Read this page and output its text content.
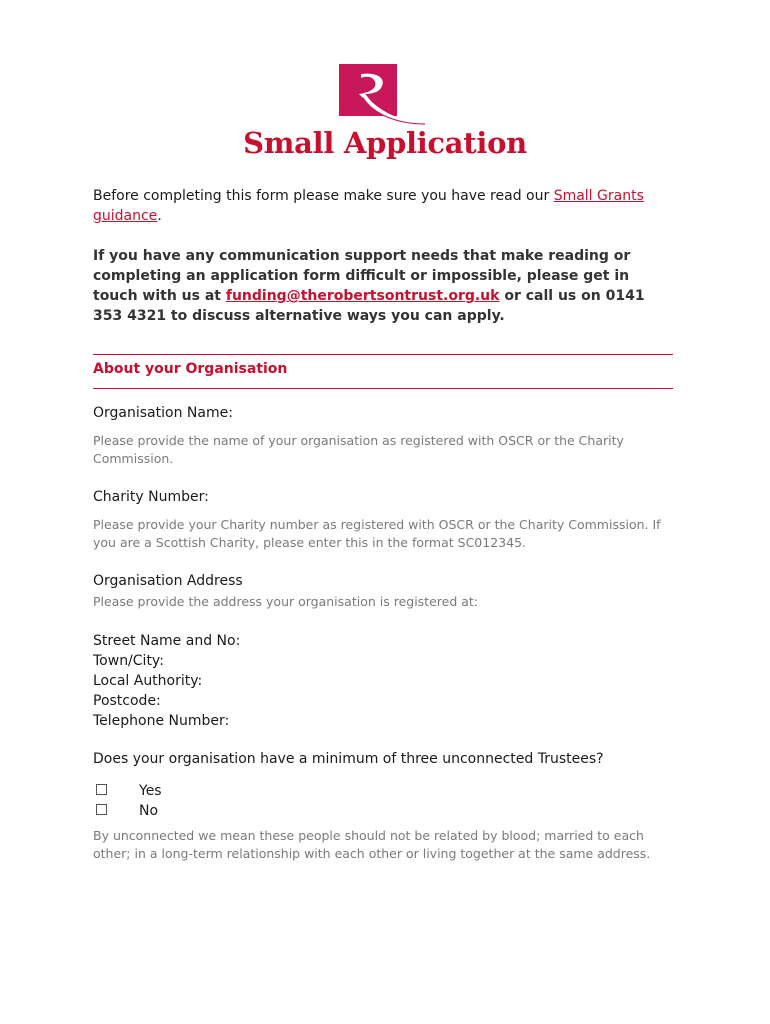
Small Application
Before completing this form please make sure you have read our Small Grants guidance.
If you have any communication support needs that make reading or completing an application form difficult or impossible, please get in touch with us at funding@therobertsontrust.org.uk or call us on 0141 353 4321 to discuss alternative ways you can apply.
About your Organisation
Organisation Name:
Please provide the name of your organisation as registered with OSCR or the Charity Commission.
Charity Number:
Please provide your Charity number as registered with OSCR or the Charity Commission. If you are a Scottish Charity, please enter this in the format SC012345.
Organisation Address
Please provide the address your organisation is registered at:
Street Name and No:
Town/City:
Local Authority:
Postcode:
Telephone Number:
Does your organisation have a minimum of three unconnected Trustees?
Yes
No
By unconnected we mean these people should not be related by blood; married to each other; in a long-term relationship with each other or living together at the same address.
